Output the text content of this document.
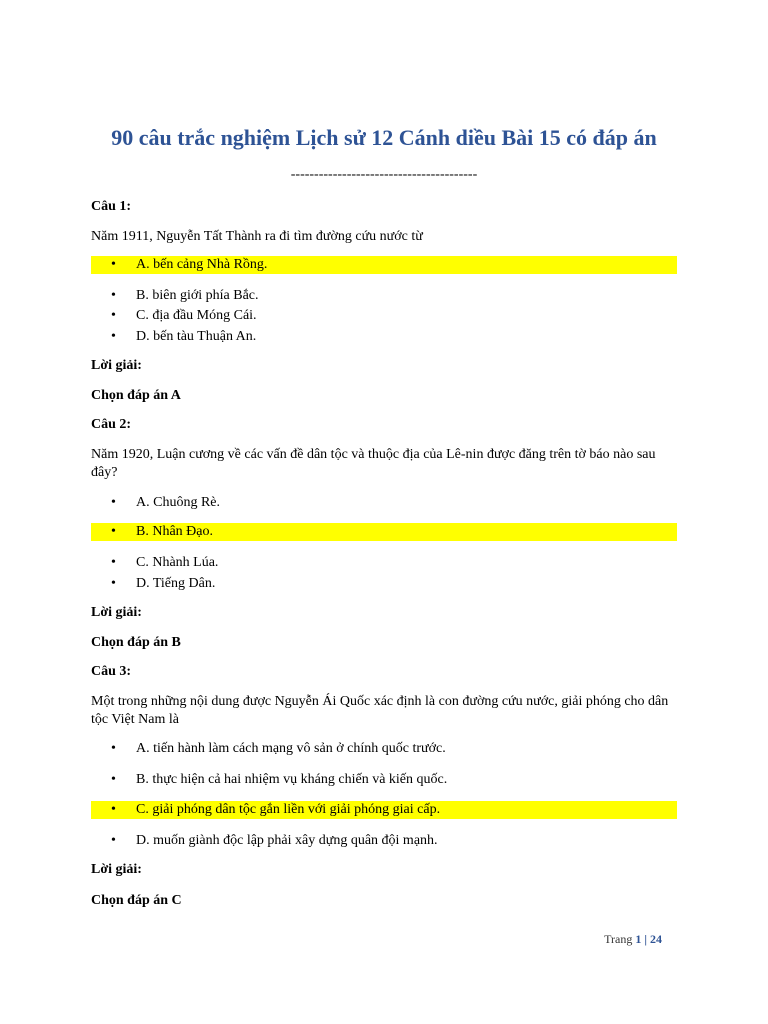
90 câu trắc nghiệm Lịch sử 12 Cánh diều Bài 15 có đáp án
----------------------------------------
Câu 1:
Năm 1911, Nguyễn Tất Thành ra đi tìm đường cứu nước từ
• A. bến cảng Nhà Rồng.
• B. biên giới phía Bắc.
• C. địa đầu Móng Cái.
• D. bến tàu Thuận An.
Lời giải:
Chọn đáp án A
Câu 2:
Năm 1920, Luận cương về các vấn đề dân tộc và thuộc địa của Lê-nin được đăng trên tờ báo nào sau đây?
• A. Chuông Rè.
• B. Nhân Đạo.
• C. Nhành Lúa.
• D. Tiếng Dân.
Lời giải:
Chọn đáp án B
Câu 3:
Một trong những nội dung được Nguyễn Ái Quốc xác định là con đường cứu nước, giải phóng cho dân tộc Việt Nam là
• A. tiến hành làm cách mạng vô sản ở chính quốc trước.
• B. thực hiện cả hai nhiệm vụ kháng chiến và kiến quốc.
• C. giải phóng dân tộc gắn liền với giải phóng giai cấp.
• D. muốn giành độc lập phải xây dựng quân đội mạnh.
Lời giải:
Chọn đáp án C
Trang 1 | 24
